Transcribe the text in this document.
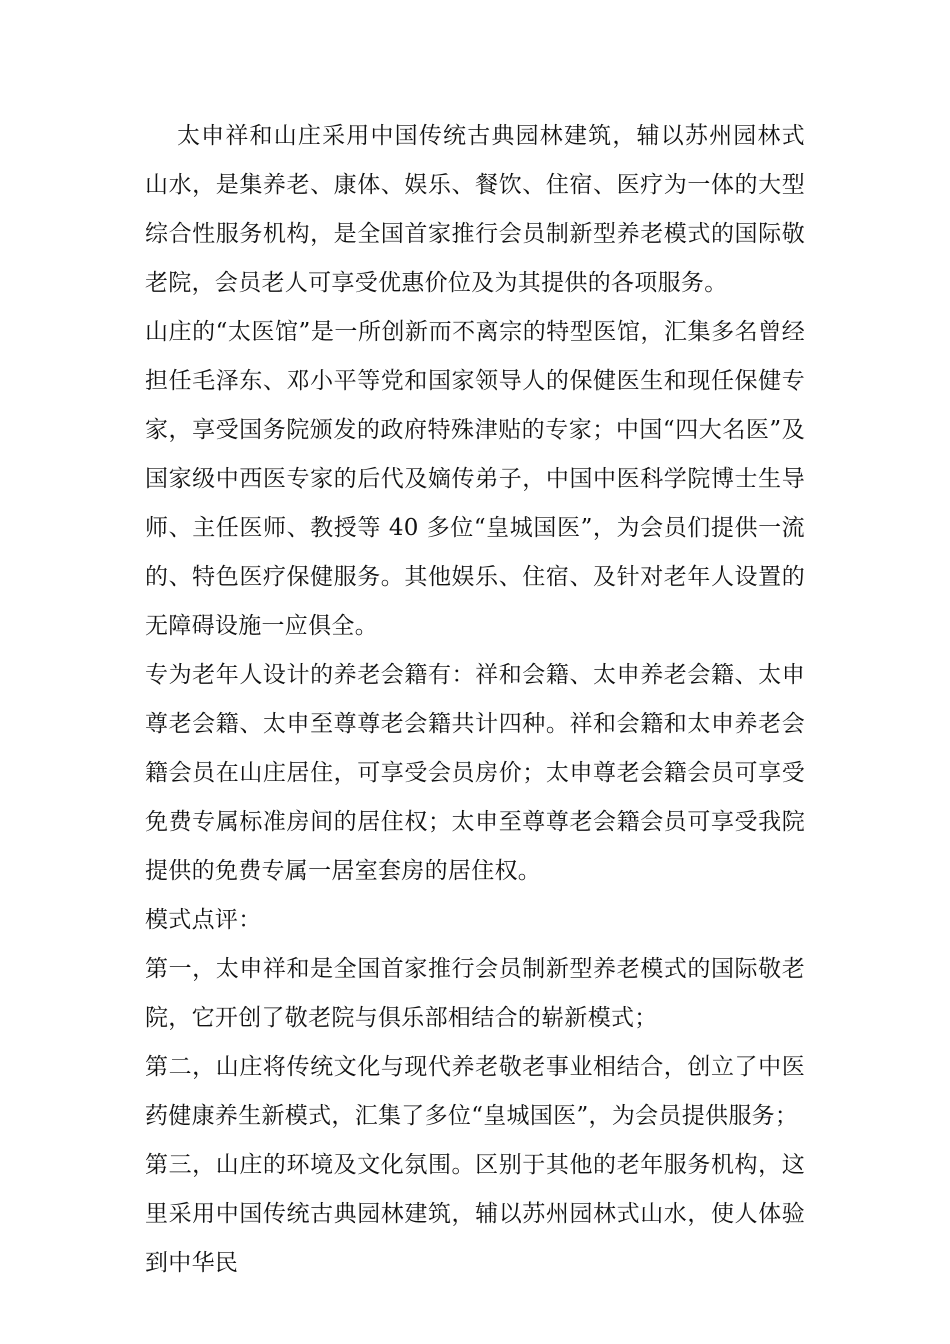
太申祥和山庄采用中国传统古典园林建筑，辅以苏州园林式山水，是集养老、康体、娱乐、餐饮、住宿、医疗为一体的大型综合性服务机构，是全国首家推行会员制新型养老模式的国际敬老院，会员老人可享受优惠价位及为其提供的各项服务。

山庄的“太医馆”是一所创新而不离宗的特型医馆，汇集多名曾经担任毛泽东、邓小平等党和国家领导人的保健医生和现任保健专家，享受国务院颁发的政府特殊津贴的专家；中国“四大名医”及国家级中西医专家的后代及嫡传弟子，中国中医科学院博士生导师、主任医师、教授等 40 多位“皇城国医”，为会员们提供一流的、特色医疗保健服务。其他娱乐、住宿、及针对老年人设置的无障碍设施一应俱全。

专为老年人设计的养老会籍有：祥和会籍、太申养老会籍、太申尊老会籍、太申至尊尊老会籍共计四种。祥和会籍和太申养老会籍会员在山庄居住，可享受会员房价；太申尊老会籍会员可享受免费专属标准房间的居住权；太申至尊尊老会籍会员可享受我院提供的免费专属一居室套房的居住权。

模式点评：

第一，太申祥和是全国首家推行会员制新型养老模式的国际敬老院，它开创了敬老院与俱乐部相结合的崭新模式；

第二，山庄将传统文化与现代养老敬老事业相结合，创立了中医药健康养生新模式，汇集了多位“皇城国医”，为会员提供服务；

第三，山庄的环境及文化氛围。区别于其他的老年服务机构，这里采用中国传统古典园林建筑，辅以苏州园林式山水，使人体验到中华民
